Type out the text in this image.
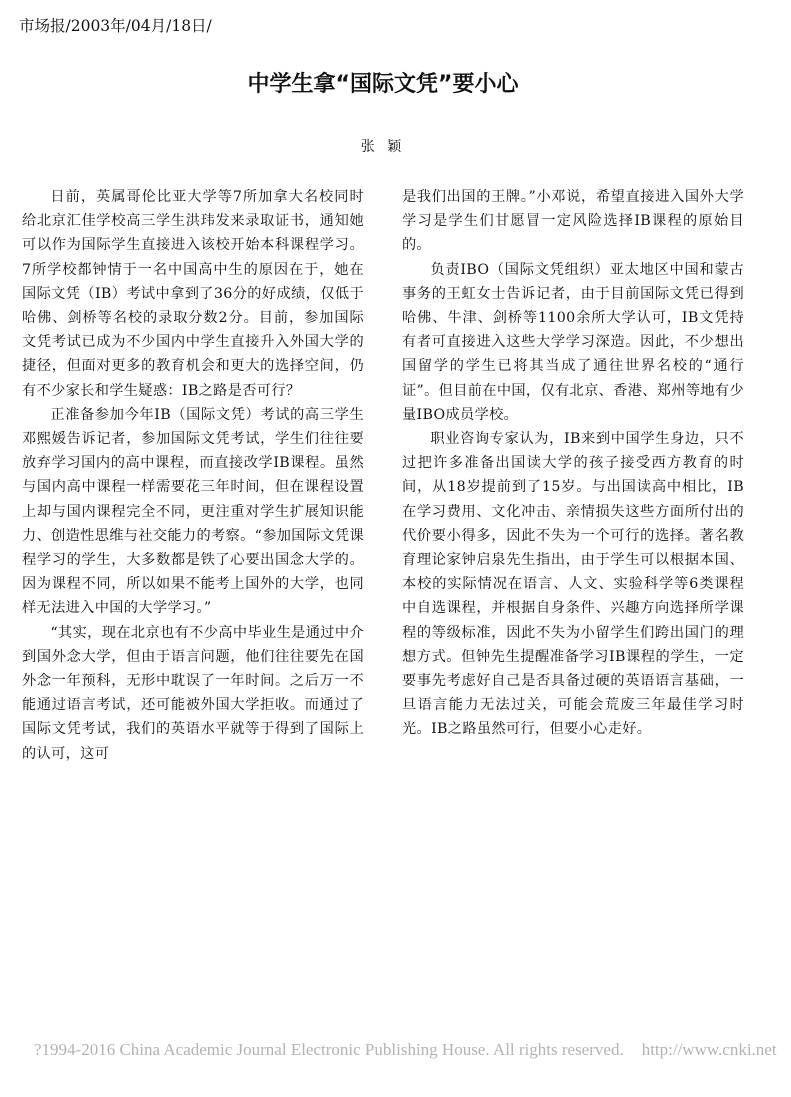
市场报/2003年/04月/18日/
中学生拿“国际文凭”要小心
张 颖

日前，英属哥伦比亚大学等7所加拿大名校同时给北京汇佳学校高三学生洪玮发来录取证书，通知她可以作为国际学生直接进入该校开始本科课程学习。7所学校都钟情于一名中国高中生的原因在于，她在国际文凭（IB）考试中拿到了36分的好成绩，仅低于哈佛、剑桥等名校的录取分数2分。目前，参加国际文凭考试已成为不少国内中学生直接升入外国大学的捷径，但面对更多的教育机会和更大的选择空间，仍有不少家长和学生疑惑：IB之路是否可行？

正准备参加今年IB（国际文凭）考试的高三学生邓熙媛告诉记者，参加国际文凭考试，学生们往往要放弃学习国内的高中课程，而直接改学IB课程。虽然与国内高中课程一样需要花三年时间，但在课程设置上却与国内课程完全不同，更注重对学生扩展知识能力、创造性思维与社交能力的考察。“参加国际文凭课程学习的学生，大多数都是铁了心要出国念大学的。因为课程不同，所以如果不能考上国外的大学，也同样无法进入中国的大学学习。”

“其实，现在北京也有不少高中毕业生是通过中介到国外念大学，但由于语言问题，他们往往要先在国外念一年预科，无形中耽误了一年时间。之后万一不能通过语言考试，还可能被外国大学拒收。而通过了国际文凭考试，我们的英语水平就等于得到了国际上的认可，这可

是我们出国的王牌。”小邓说，希望直接进入国外大学学习是学生们甘愿冒一定风险选择IB课程的原始目的。

负责IBO（国际文凭组织）亚太地区中国和蒙古事务的王虹女士告诉记者，由于目前国际文凭已得到哈佛、牛津、剑桥等1100余所大学认可，IB文凭持有者可直接进入这些大学学习深造。因此，不少想出国留学的学生已将其当成了通往世界名校的“通行证”。但目前在中国，仅有北京、香港、郑州等地有少量IBO成员学校。

职业咨询专家认为，IB来到中国学生身边，只不过把许多准备出国读大学的孩子接受西方教育的时间，从18岁提前到了15岁。与出国读高中相比，IB在学习费用、文化冲击、亲情损失这些方面所付出的代价要小得多，因此不失为一个可行的选择。著名教育理论家钟启泉先生指出，由于学生可以根据本国、本校的实际情况在语言、人文、实验科学等6类课程中自选课程，并根据自身条件、兴趣方向选择所学课程的等级标准，因此不失为小留学生们跨出国门的理想方式。但钟先生提醒准备学习IB课程的学生，一定要事先考虑好自己是否具备过硬的英语语言基础，一旦语言能力无法过关，可能会荒废三年最佳学习时光。IB之路虽然可行，但要小心走好。

?1994-2016 China Academic Journal Electronic Publishing House. All rights reserved. http://www.cnki.net
